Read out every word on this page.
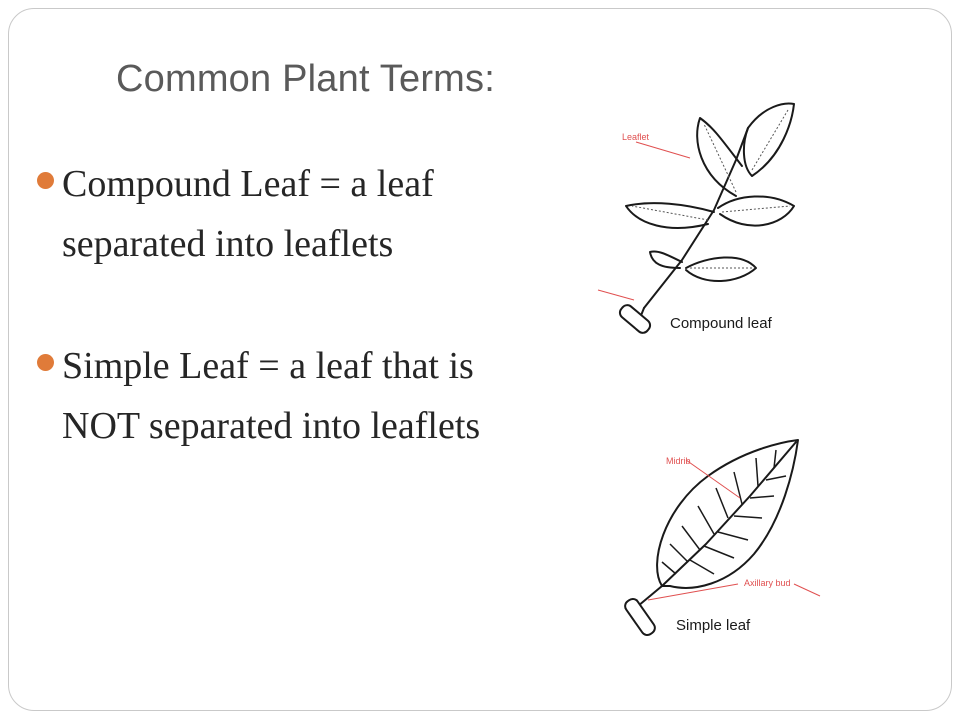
Common Plant Terms:
Compound Leaf = a leaf separated into leaflets
Simple Leaf = a leaf that is NOT separated into leaflets
Leaflet
Compound leaf
Midrib
Axillary bud
Simple leaf
